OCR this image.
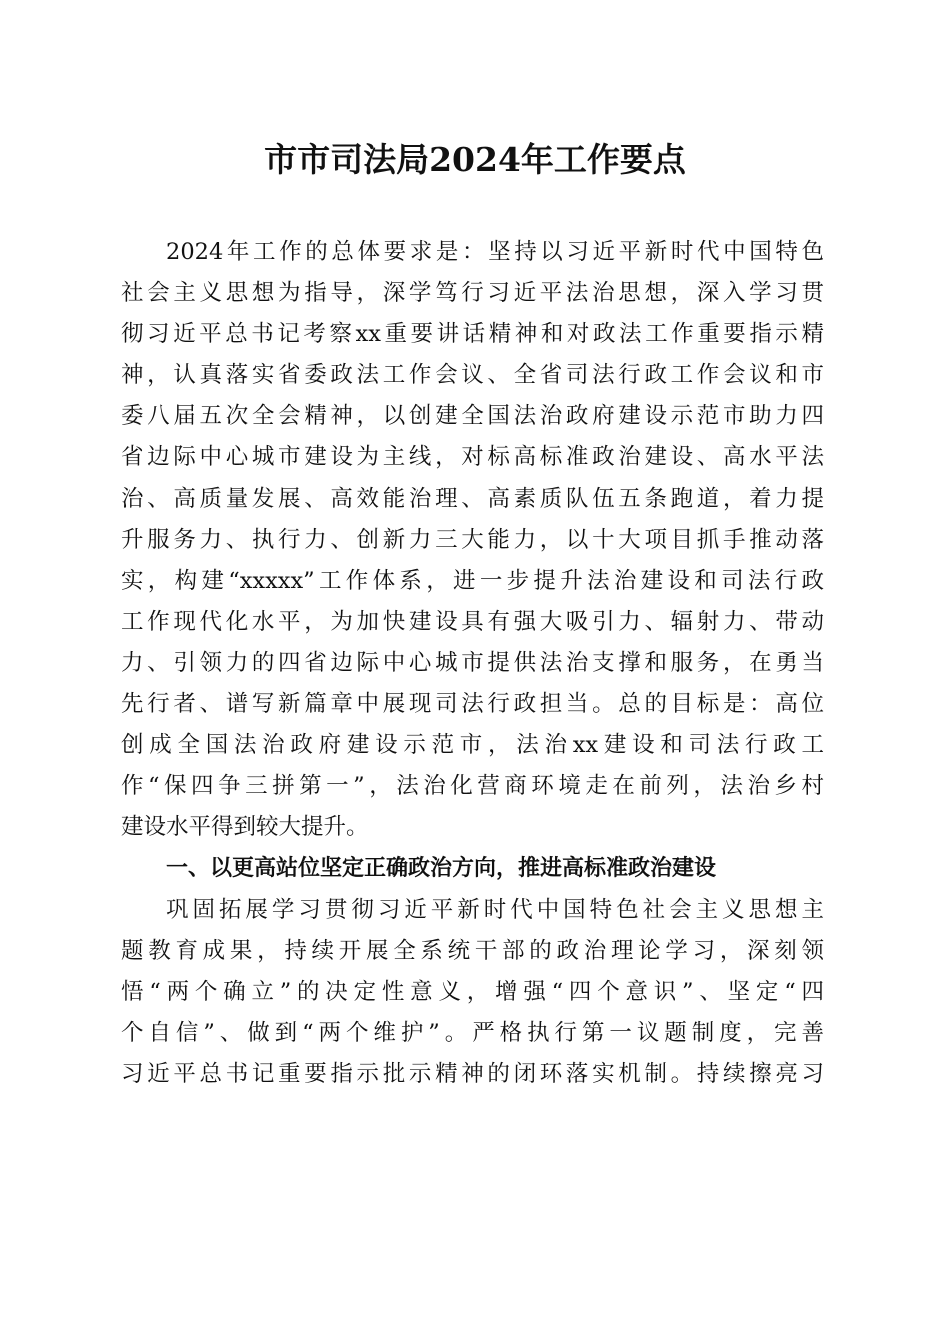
市市司法局2024年工作要点
2024年工作的总体要求是：坚持以习近平新时代中国特色
社会主义思想为指导，深学笃行习近平法治思想，深入学习贯
彻习近平总书记考察xx重要讲话精神和对政法工作重要指示精
神，认真落实省委政法工作会议、全省司法行政工作会议和市
委八届五次全会精神，以创建全国法治政府建设示范市助力四
省边际中心城市建设为主线，对标高标准政治建设、高水平法
治、高质量发展、高效能治理、高素质队伍五条跑道，着力提
升服务力、执行力、创新力三大能力，以十大项目抓手推动落
实，构建“xxxxx”工作体系，进一步提升法治建设和司法行政
工作现代化水平，为加快建设具有强大吸引力、辐射力、带动
力、引领力的四省边际中心城市提供法治支撑和服务，在勇当
先行者、谱写新篇章中展现司法行政担当。总的目标是：高位
创成全国法治政府建设示范市，法治xx建设和司法行政工
作“保四争三拼第一”，法治化营商环境走在前列，法治乡村
建设水平得到较大提升。
一、以更高站位坚定正确政治方向，推进高标准政治建设
巩固拓展学习贯彻习近平新时代中国特色社会主义思想主
题教育成果，持续开展全系统干部的政治理论学习，深刻领
悟“两个确立”的决定性意义，增强“四个意识”、坚定“四
个自信”、做到“两个维护”。严格执行第一议题制度，完善
习近平总书记重要指示批示精神的闭环落实机制。持续擦亮习
